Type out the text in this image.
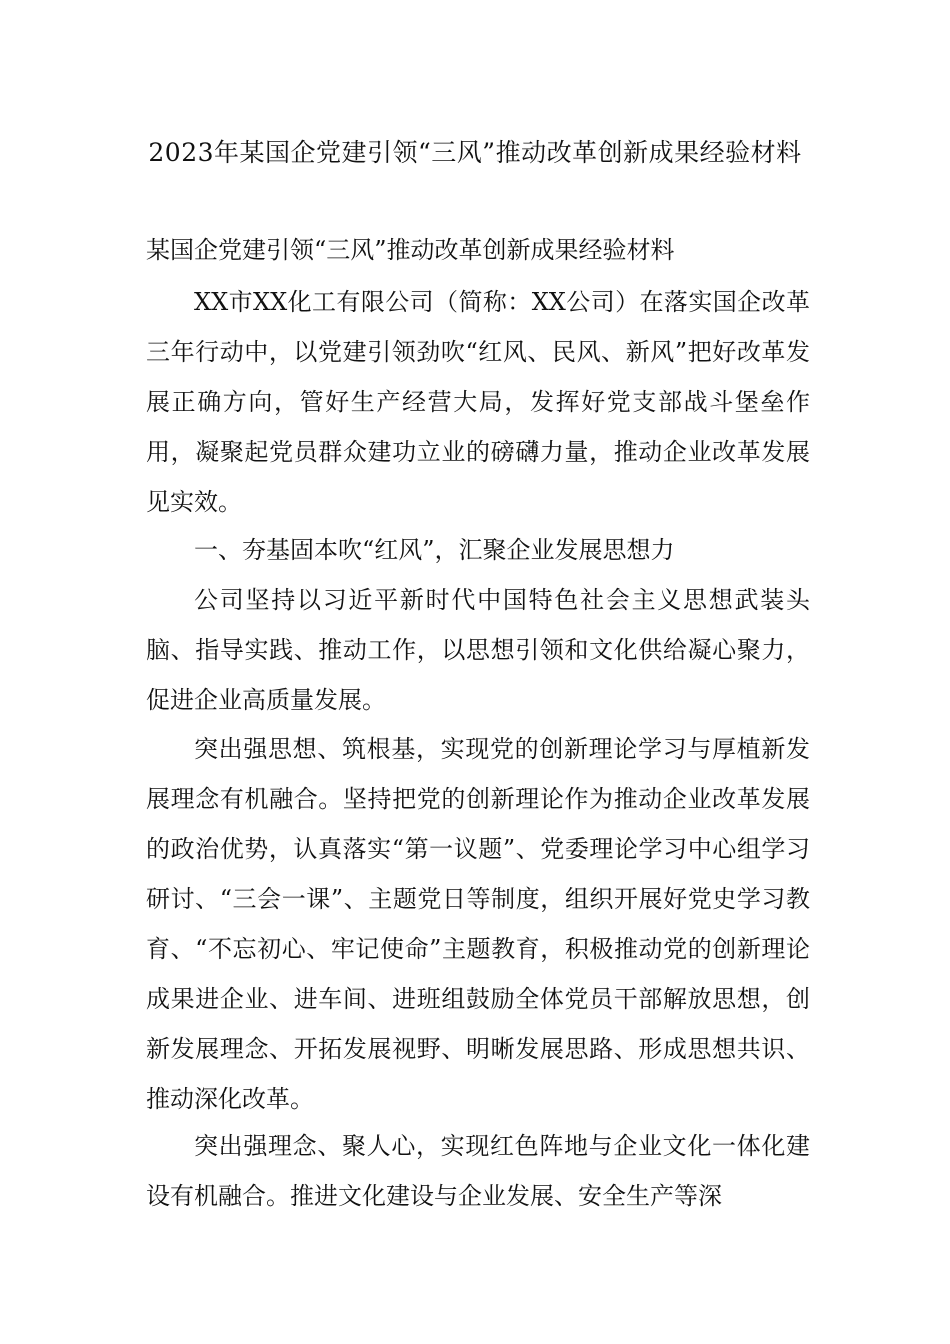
2023年某国企党建引领“三风”推动改革创新成果经验材料
某国企党建引领“三风”推动改革创新成果经验材料

XX市XX化工有限公司（简称：XX公司）在落实国企改革三年行动中，以党建引领劲吹“红风、民风、新风”把好改革发展正确方向，管好生产经营大局，发挥好党支部战斗堡垒作用，凝聚起党员群众建功立业的磅礴力量，推动企业改革发展见实效。

一、夯基固本吹“红风”，汇聚企业发展思想力

公司坚持以习近平新时代中国特色社会主义思想武装头脑、指导实践、推动工作，以思想引领和文化供给凝心聚力，促进企业高质量发展。

突出强思想、筑根基，实现党的创新理论学习与厚植新发展理念有机融合。坚持把党的创新理论作为推动企业改革发展的政治优势，认真落实“第一议题”、党委理论学习中心组学习研讨、“三会一课”、主题党日等制度，组织开展好党史学习教育、“不忘初心、牢记使命”主题教育，积极推动党的创新理论成果进企业、进车间、进班组鼓励全体党员干部解放思想，创新发展理念、开拓发展视野、明晰发展思路、形成思想共识、推动深化改革。

突出强理念、聚人心，实现红色阵地与企业文化一体化建设有机融合。推进文化建设与企业发展、安全生产等深
